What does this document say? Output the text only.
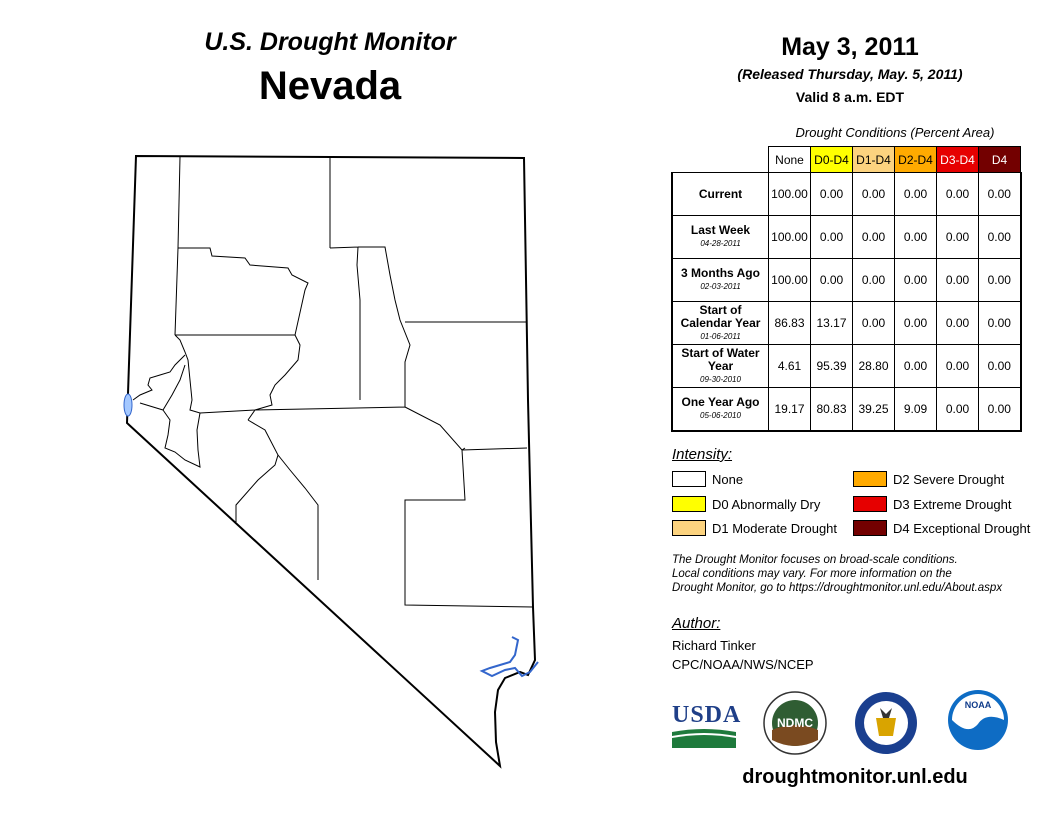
U.S. Drought Monitor
Nevada
May 3, 2011
(Released Thursday, May. 5, 2011)
Valid 8 a.m. EDT
Drought Conditions (Percent Area)
	None	D0-D4	D1-D4	D2-D4	D3-D4	D4
Current	100.00	0.00	0.00	0.00	0.00	0.00
Last Week
04-28-2011	100.00	0.00	0.00	0.00	0.00	0.00
3 Months Ago
02-03-2011	100.00	0.00	0.00	0.00	0.00	0.00
Start of Calendar Year
01-06-2011	86.83	13.17	0.00	0.00	0.00	0.00
Start of Water Year
09-30-2010	4.61	95.39	28.80	0.00	0.00	0.00
One Year Ago
05-06-2010	19.17	80.83	39.25	9.09	0.00	0.00
Intensity:
None
D0 Abnormally Dry
D1 Moderate Drought
D2 Severe Drought
D3 Extreme Drought
D4 Exceptional Drought
The Drought Monitor focuses on broad-scale conditions.
Local conditions may vary. For more information on the
Drought Monitor, go to https://droughtmonitor.unl.edu/About.aspx
Author:
Richard Tinker
CPC/NOAA/NWS/NCEP
USDA	NDMC
NOAA
droughtmonitor.unl.edu
